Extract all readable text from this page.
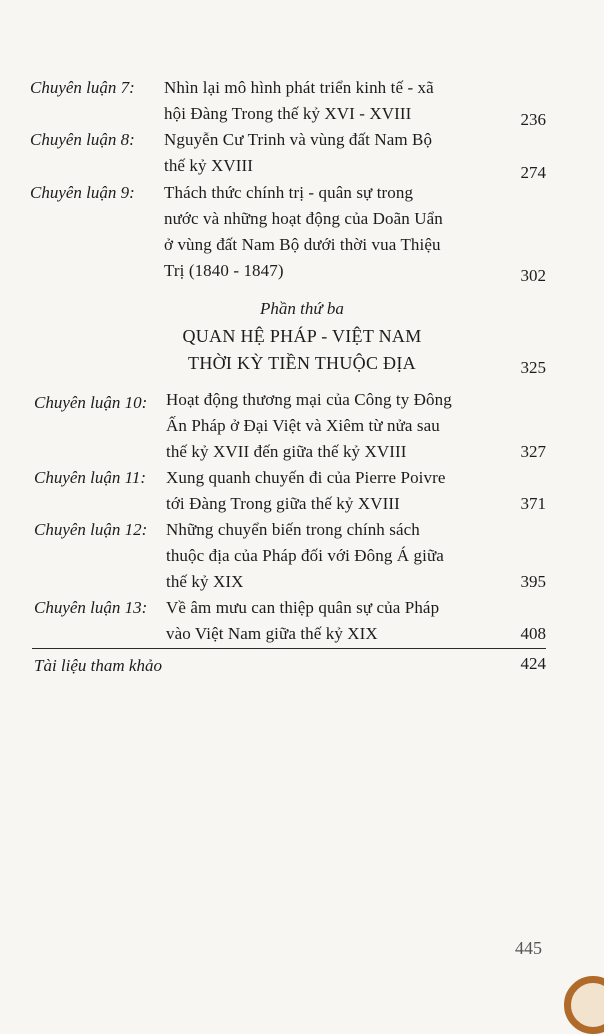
Chuyên luận 7: Nhìn lại mô hình phát triển kinh tế - xã
hội Đàng Trong thế kỷ XVI - XVIII	236
Chuyên luận 8: Nguyễn Cư Trinh và vùng đất Nam Bộ
thế kỷ XVIII	274
Chuyên luận 9: Thách thức chính trị - quân sự trong
nước và những hoạt động của Doãn Uẩn
ở vùng đất Nam Bộ dưới thời vua Thiệu
Trị (1840 - 1847)	302
Phần thứ ba
QUAN HỆ PHÁP - VIỆT NAM
THỜI KỲ TIỀN THUỘC ĐỊA	325
Chuyên luận 10: Hoạt động thương mại của Công ty Đông
Ấn Pháp ở Đại Việt và Xiêm từ nửa sau
thế kỷ XVII đến giữa thế kỷ XVIII	327
Chuyên luận 11: Xung quanh chuyến đi của Pierre Poivre
tới Đàng Trong giữa thế kỷ XVIII	371
Chuyên luận 12: Những chuyển biến trong chính sách
thuộc địa của Pháp đối với Đông Á giữa
thế kỷ XIX	395
Chuyên luận 13: Về âm mưu can thiệp quân sự của Pháp
vào Việt Nam giữa thế kỷ XIX	408
Tài liệu tham khảo	424
445
